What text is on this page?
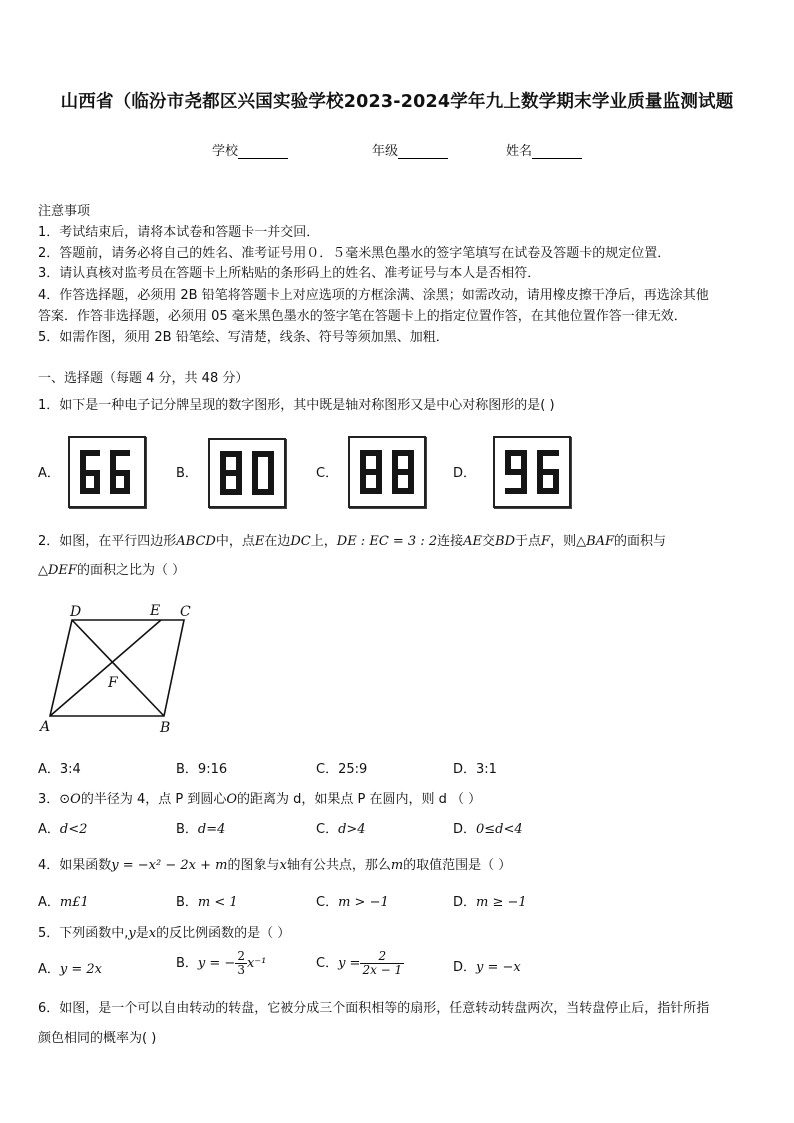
山西省（临汾市尧都区兴国实验学校2023-2024学年九上数学期末学业质量监测试题
学校	年级	姓名
注意事项
1．考试结束后，请将本试卷和答题卡一并交回．
2．答题前，请务必将自己的姓名、准考证号用０．５毫米黑色墨水的签字笔填写在试卷及答题卡的规定位置．
3．请认真核对监考员在答题卡上所粘贴的条形码上的姓名、准考证号与本人是否相符．
4．作答选择题，必须用 2B 铅笔将答题卡上对应选项的方框涂满、涂黑；如需改动，请用橡皮擦干净后，再选涂其他
答案．作答非选择题，必须用 05 毫米黑色墨水的签字笔在答题卡上的指定位置作答，在其他位置作答一律无效．
5．如需作图，须用 2B 铅笔绘、写清楚，线条、符号等须加黑、加粗．
一、选择题（每题 4 分，共 48 分）
1．如下是一种电子记分牌呈现的数字图形，其中既是轴对称图形又是中心对称图形的是( )
A．	B．	C．	D．
2．如图，在平行四边形ABCD中，点E在边DC上，DE : EC = 3 : 2连接AE交BD于点F，则△BAF的面积与
△DEF的面积之比为（ ）
D	E C
F
A	B
A．3:4	B．9:16	C．25:9	D．3:1
3．⊙O的半径为 4，点 P 到圆心O的距离为 d，如果点 P 在圆内，则 d （ ）
A．d<2	B．d=4	C．d>4	D．0≤d<4
4．如果函数y = −x² − 2x + m的图象与x轴有公共点，那么m的取值范围是（ ）
A．m£1	B．m < 1	C．m > −1	D．m ≥ −1
5．下列函数中,y是x的反比例函数的是（ ）
A．y = 2x	B．y = − $\frac{2}{3} x^{-1}$	C．$y = \frac{2}{2x - 1}$	D．y = −x
6．如图，是一个可以自由转动的转盘，它被分成三个面积相等的扇形，任意转动转盘两次，当转盘停止后，指针所指
颜色相同的概率为( )
